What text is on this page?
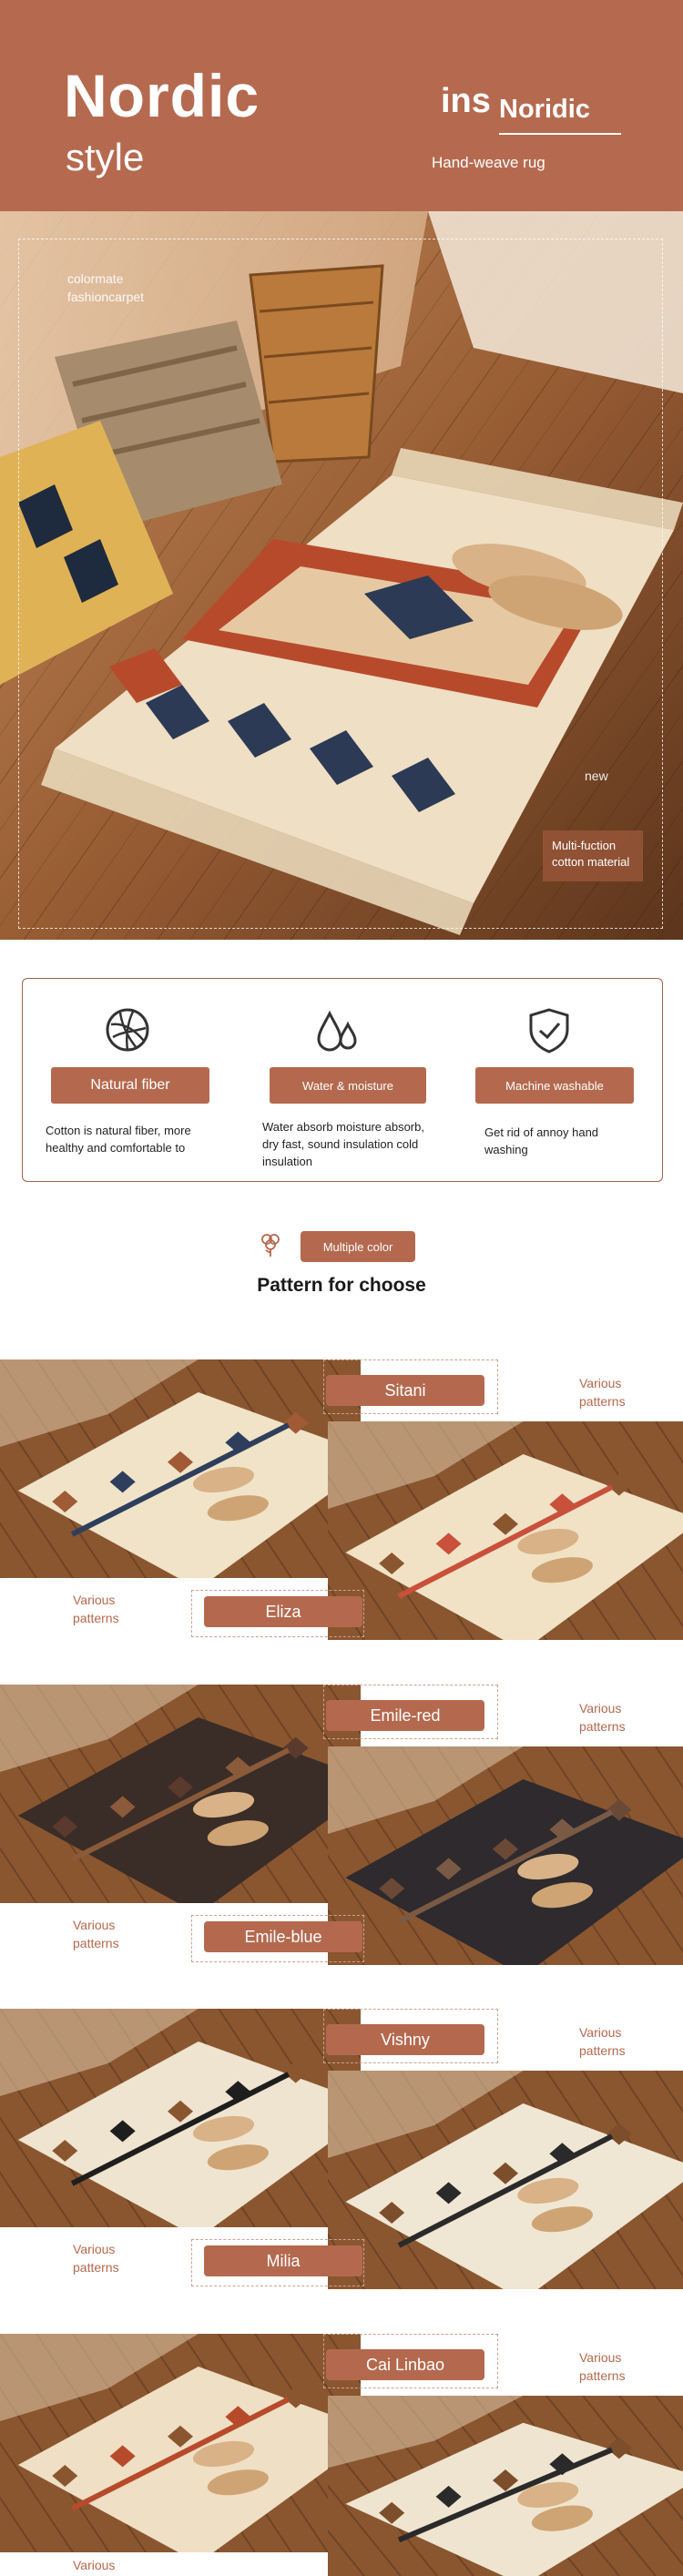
Nordic
style
ins Noridic
Hand-weave rug
colormate
fashioncarpet
new
Multi-fuction
cotton material
Natural fiber
Cotton is natural fiber, more
healthy and comfortable to
Water & moisture
Water absorb moisture absorb,
dry fast, sound insulation cold
insulation
Machine washable
Get rid of annoy hand
washing
Multiple color
Pattern for choose
Sitani	Various
patterns
Eliza
Various
patterns
Emile-red	Various
patterns
Emile-blue
Various
patterns
Vishny	Various
patterns
Milia
Various
patterns
Cai Linbao	Various
patterns
Various
